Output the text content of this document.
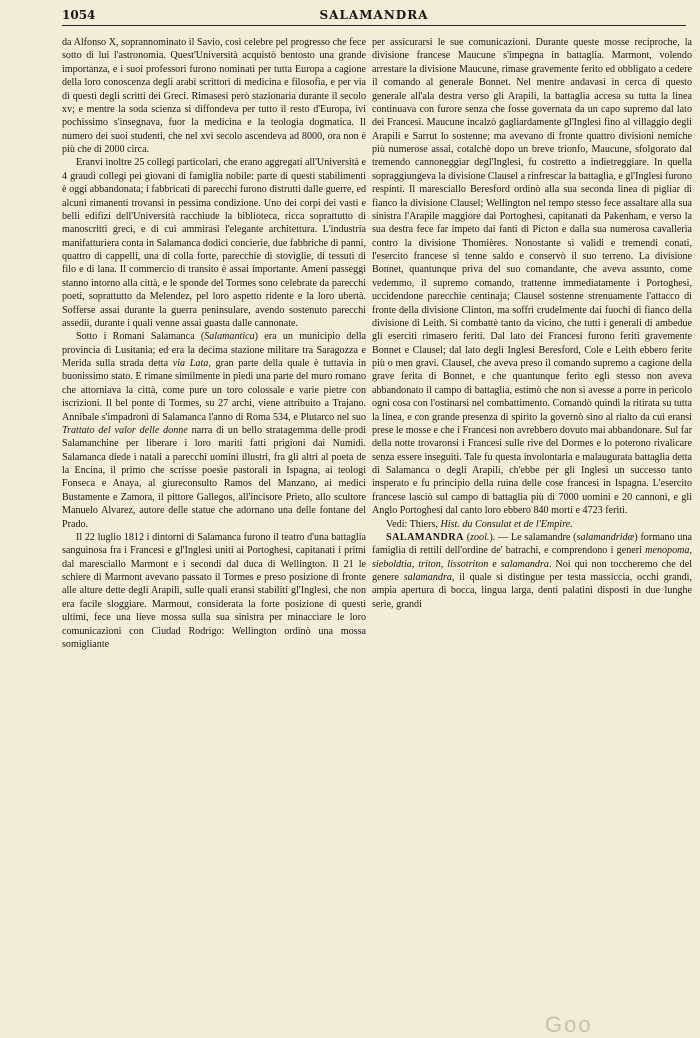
1054	SALAMANDRA

da Alfonso X, soprannominato il Savio, così celebre pel progresso che fece sotto di lui l'astronomia. Quest'Università acquistò bentosto una grande importanza, e i suoi professori furono nominati per tutta Europa a cagione della loro conoscenza degli arabi scrittori di medicina e filosofia, e per via di questi degli scritti dei Greci. Rimasesi però stazionaria durante il secolo xv; e mentre la soda scienza si diffondeva per tutto il resto d'Europa, ivi pochissimo s'insegnava, fuor la medicina e la teologia dogmatica. Il numero dei suoi studenti, che nel xvi secolo ascendeva ad 8000, ora non è più che di 2000 circa.

Eranvi inoltre 25 collegi particolari, che erano aggregati all'Università e 4 graudi collegi pei giovani di famiglia nobile: parte di questi stabilimenti è oggi abbandonata; i fabbricati di parecchi furono distrutti dalle guerre, ed alcuni rimanenti trovansi in pessima condizione. Uno dei corpi dei vasti e belli edifizi dell'Università racchiude la biblioteca, ricca soprattutto di manoscritti greci, e di cui ammirasi l'elegante architettura. L'industria manifatturiera conta in Salamanca dodici concierie, due fabbriche di panni, quattro di cappelli, una di colla forte, parecchie di stoviglie, di tessuti di filo e di lana. Il commercio di transito è assai importante. Ameni passeggi stanno intorno alla città, e le sponde del Tormes sono celebrate da parecchi poeti, soprattutto da Melendez, pel loro aspetto ridente e la loro ubertà. Sofferse assai durante la guerra peninsulare, avendo sostenuto parecchi assedii, durante i quali venne assai guasta dalle cannonate.

Sotto i Romani Salamanca (Salamantica) era un municipio della provincia di Lusitania; ed era la decima stazione militare tra Saragozza e Merida sulla strada detta via Lata, gran parte della quale è tuttavia in buonissimo stato. E rimane similmente in piedi una parte del muro romano che attorniava la città, come pure un toro colossale e varie pietre con iscrizioni. Il bel ponte di Tormes, su 27 archi, viene attribuito a Trajano. Annibale s'impadronì di Salamanca l'anno di Roma 534, e Plutarco nel suo Trattato del valor delle donne narra di un bello stratagemma delle prodi Salamanchine per liberare i loro mariti fatti prigioni dai Numidi. Salamanca diede i natali a parecchi uomini illustri, fra gli altri al poeta de la Encina, il primo che scrisse poesie pastorali in Ispagna, ai teologi Fonseca e Anaya, al giureconsulto Ramos del Manzano, ai medici Bustamente e Zamora, il pittore Gallegos, all'incisore Prieto, allo scultore Manuelo Alvarez, autore delle statue che adornano una delle fontane del Prado.

Il 22 luglio 1812 i dintorni di Salamanca furono il teatro d'una battaglia sanguinosa fra i Francesi e gl'Inglesi uniti ai Portoghesi, capitanati i primi dal maresciallo Marmont e i secondi dal duca di Wellington. Il 21 le schiere di Marmont avevano passato il Tormes e preso posizione di fronte alle alture dette degli Arapili, sulle quali eransi stabiliti gl'Inglesi, che non era facile sloggiare. Marmout, considerata la forte posizione di questi ultimi, fece una lieve mossa sulla sua sinistra per minacciare le loro comunicazioni con Ciudad Rodrigo: Wellington ordinò una mossa somigliante

per assicurarsi le sue comunicazioni. Durante queste mosse reciproche, la divisione francese Maucune s'impegna in battaglia. Marmont, volendo arrestare la divisione Maucune, rimase gravemente ferito ed obbligato a cedere il comando al generale Bonnet. Nel mentre andavasi in cerca di questo generale all'ala destra verso gli Arapili, la battaglia accesa su tutta la linea continuava con furore senza che fosse governata da un capo supremo dal lato dei Francesi. Maucune incalzò gagliardamente gl'Inglesi fino al villaggio degli Arapili e Sarrut lo sostenne; ma avevano di fronte quattro divisioni nemiche più numerose assai, cotalchè dopo un breve trionfo, Maucune, sfolgorato dal tremendo cannoneggiar degl'Inglesi, fu costretto a indietreggiare. In quella sopraggiungeva la divisione Clausel a rinfrescar la battaglia, e gl'Inglesi furono respinti. Il maresciallo Beresford ordinò alla sua seconda linea di pigliar di fianco la divisione Clausel; Wellington nel tempo stesso fece assaltare alla sua sinistra l'Arapile maggiore dai Portoghesi, capitanati da Pakenham, e verso la sua destra fece far impeto dai fanti di Picton e dalla sua numerosa cavalleria contro la divisione Thomières. Nonostante sì validi e tremendi conati, l'esercito francese si tenne saldo e conservò il suo terreno. La divisione Bonnet, quantunque priva del suo comandante, che aveva assunto, come vedemmo, il supremo comando, trattenne immediatamente i Portoghesi, uccidendone parecchie centinaja; Clausel sostenne strenuamente l'attacco di fronte della divisione Clinton, ma soffrì crudelmente dai fuochi di fianco della divisione di Leith. Si combattè tanto da vicino, che tutti i generali di ambedue gli eserciti rimasero feriti. Dal lato dei Francesi furono feriti gravemente Bonnet e Clausel; dal lato degli Inglesi Beresford, Cole e Leith ebbero ferite più o men gravi. Clausel, che aveva preso il comando supremo a cagione della grave ferita di Bonnet, e che quantunque ferito egli stesso non aveva abbandonato il campo di battaglia, estimò che non si avesse a porre in pericolo ogni cosa con l'ostinarsi nel combattimento. Comandò quindi la ritirata su tutta la linea, e con grande presenza di spirito la governò sino al rialto da cui eransi prese le mosse e che i Francesi non avrebbero dovuto mai abbandonare. Sul far della notte trovaronsi i Francesi sulle rive del Dormes e lo poterono rivalicare senza essere inseguiti. Tale fu questa involontaria e malaugurata battaglia detta di Salamanca o degli Arapili, ch'ebbe per gli Inglesi un successo tanto insperato e fu principio della ruina delle cose francesi in Ispagna. L'esercito francese lasciò sul campo di battaglia più di 7000 uomini e 20 cannoni, e gli Anglo Portoghesi dal canto loro ebbero 840 morti e 4723 feriti.

Vedi: Thiers, Hist. du Consulat et de l'Empire.

SALAMANDRA (zool.). — Le salamandre (salamandridæ) formano una famiglia di rettili dell'ordine de' batrachi, e comprendono i generi menopoma, sieboldtia, triton, lissotriton e salamandra. Noi qui non toccheremo che del genere salamandra, il quale si distingue per testa massiccia, occhi grandi, ampia apertura di bocca, lingua larga, denti palatini disposti in due lunghe serie, grandi

G​o​o
